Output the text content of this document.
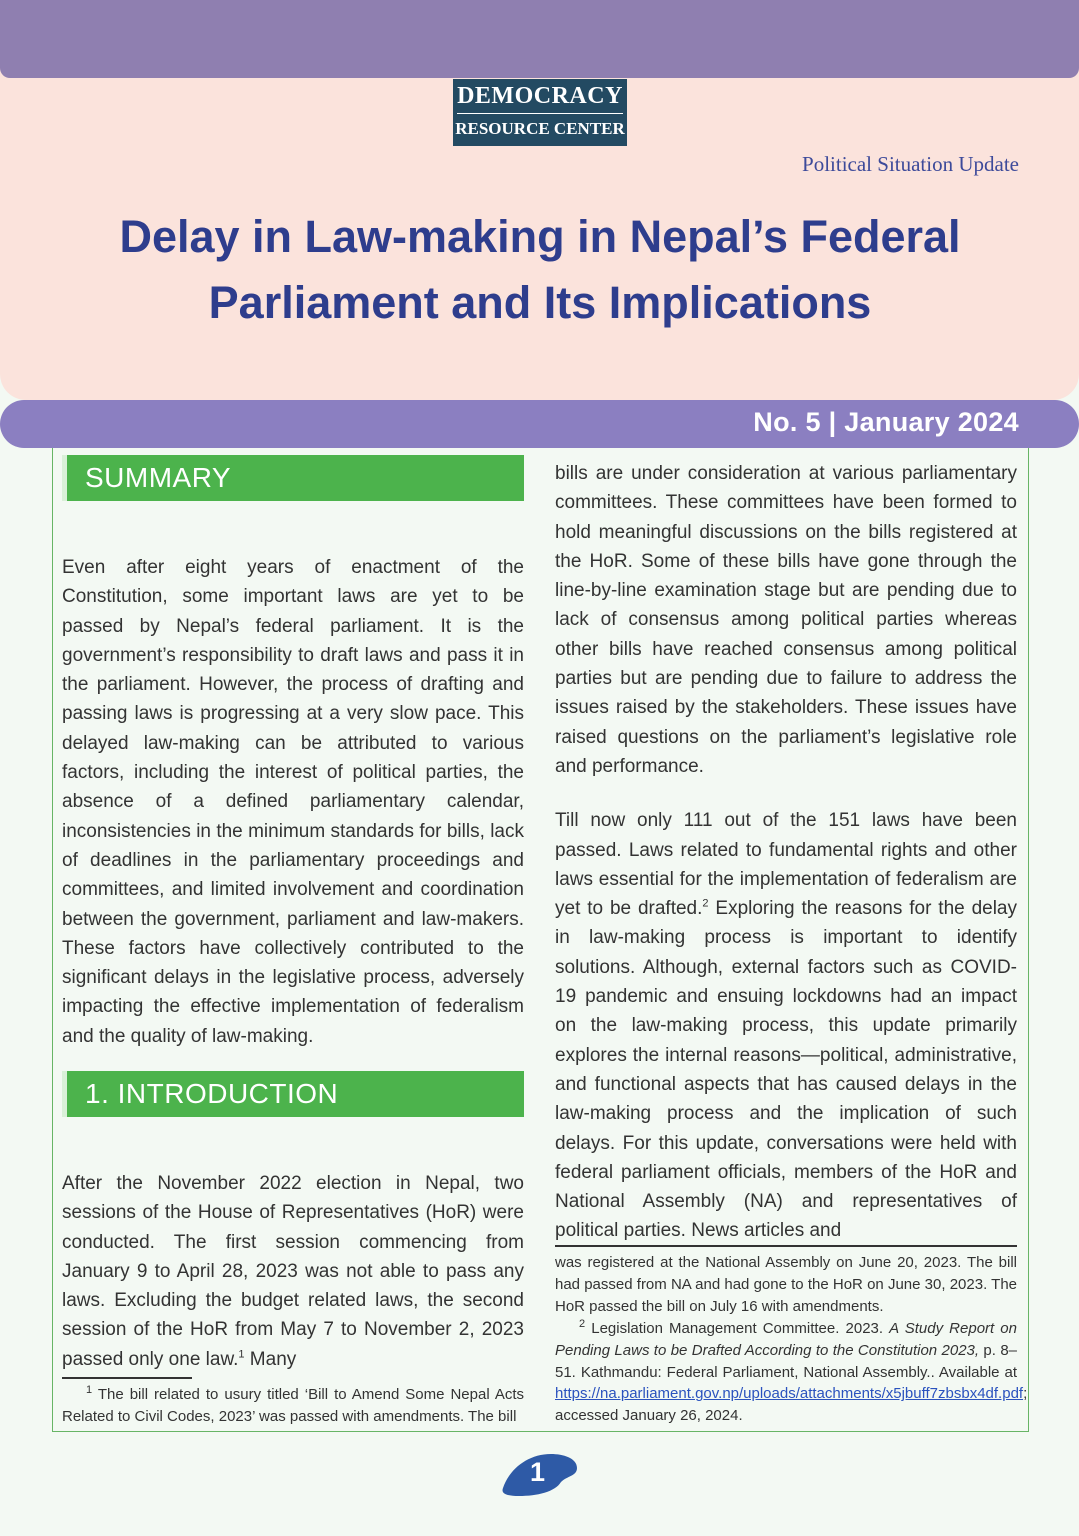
DEMOCRACY
RESOURCE CENTER
Political Situation Update
Delay in Law-making in Nepal’s Federal
Parliament and Its Implications
No. 5 | January 2024
SUMMARY

Even after eight years of enactment of the Constitution, some important laws are yet to be passed by Nepal’s federal parliament. It is the government’s responsibility to draft laws and pass it in the parliament. However, the process of drafting and passing laws is progressing at a very slow pace. This delayed law-making can be attributed to various factors, including the interest of political parties, the absence of a defined parliamentary calendar, inconsistencies in the minimum standards for bills, lack of deadlines in the parliamentary proceedings and committees, and limited involvement and coordination between the government, parliament and law-makers. These factors have collectively contributed to the significant delays in the legislative process, adversely impacting the effective implementation of federalism and the quality of law-making.

1. INTRODUCTION

After the November 2022 election in Nepal, two sessions of the House of Representatives (HoR) were conducted. The first session commencing from January 9 to April 28, 2023 was not able to pass any laws. Excluding the budget related laws, the second session of the HoR from May 7 to November 2, 2023 passed only one law.$^1$ Many

bills are under consideration at various parliamentary committees. These committees have been formed to hold meaningful discussions on the bills registered at the HoR. Some of these bills have gone through the line-by-line examination stage but are pending due to lack of consensus among political parties whereas other bills have reached consensus among political parties but are pending due to failure to address the issues raised by the stakeholders. These issues have raised questions on the parliament’s legislative role and performance.

Till now only 111 out of the 151 laws have been passed. Laws related to fundamental rights and other laws essential for the implementation of federalism are yet to be drafted.$^2$ Exploring the reasons for the delay in law-making process is important to identify solutions. Although, external factors such as COVID-19 pandemic and ensuing lockdowns had an impact on the law-making process, this update primarily explores the internal reasons—political, administrative, and functional aspects that has caused delays in the law-making process and the implication of such delays. For this update, conversations were held with federal parliament officials, members of the HoR and National Assembly (NA) and representatives of political parties. News articles and

$^1$ The bill related to usury titled ‘Bill to Amend Some Nepal Acts Related to Civil Codes, 2023’ was passed with amendments. The bill

was registered at the National Assembly on June 20, 2023. The bill had passed from NA and had gone to the HoR on June 30, 2023. The HoR passed the bill on July 16 with amendments.

$^2$ Legislation Management Committee. 2023. A Study Report on Pending Laws to be Drafted According to the Constitution 2023, p. 8–51. Kathmandu: Federal Parliament, National Assembly.. Available at https://na.parliament.gov.np/uploads/attachments/x5jbuff7zbsbx4df.pdf; accessed January 26, 2024.

1
